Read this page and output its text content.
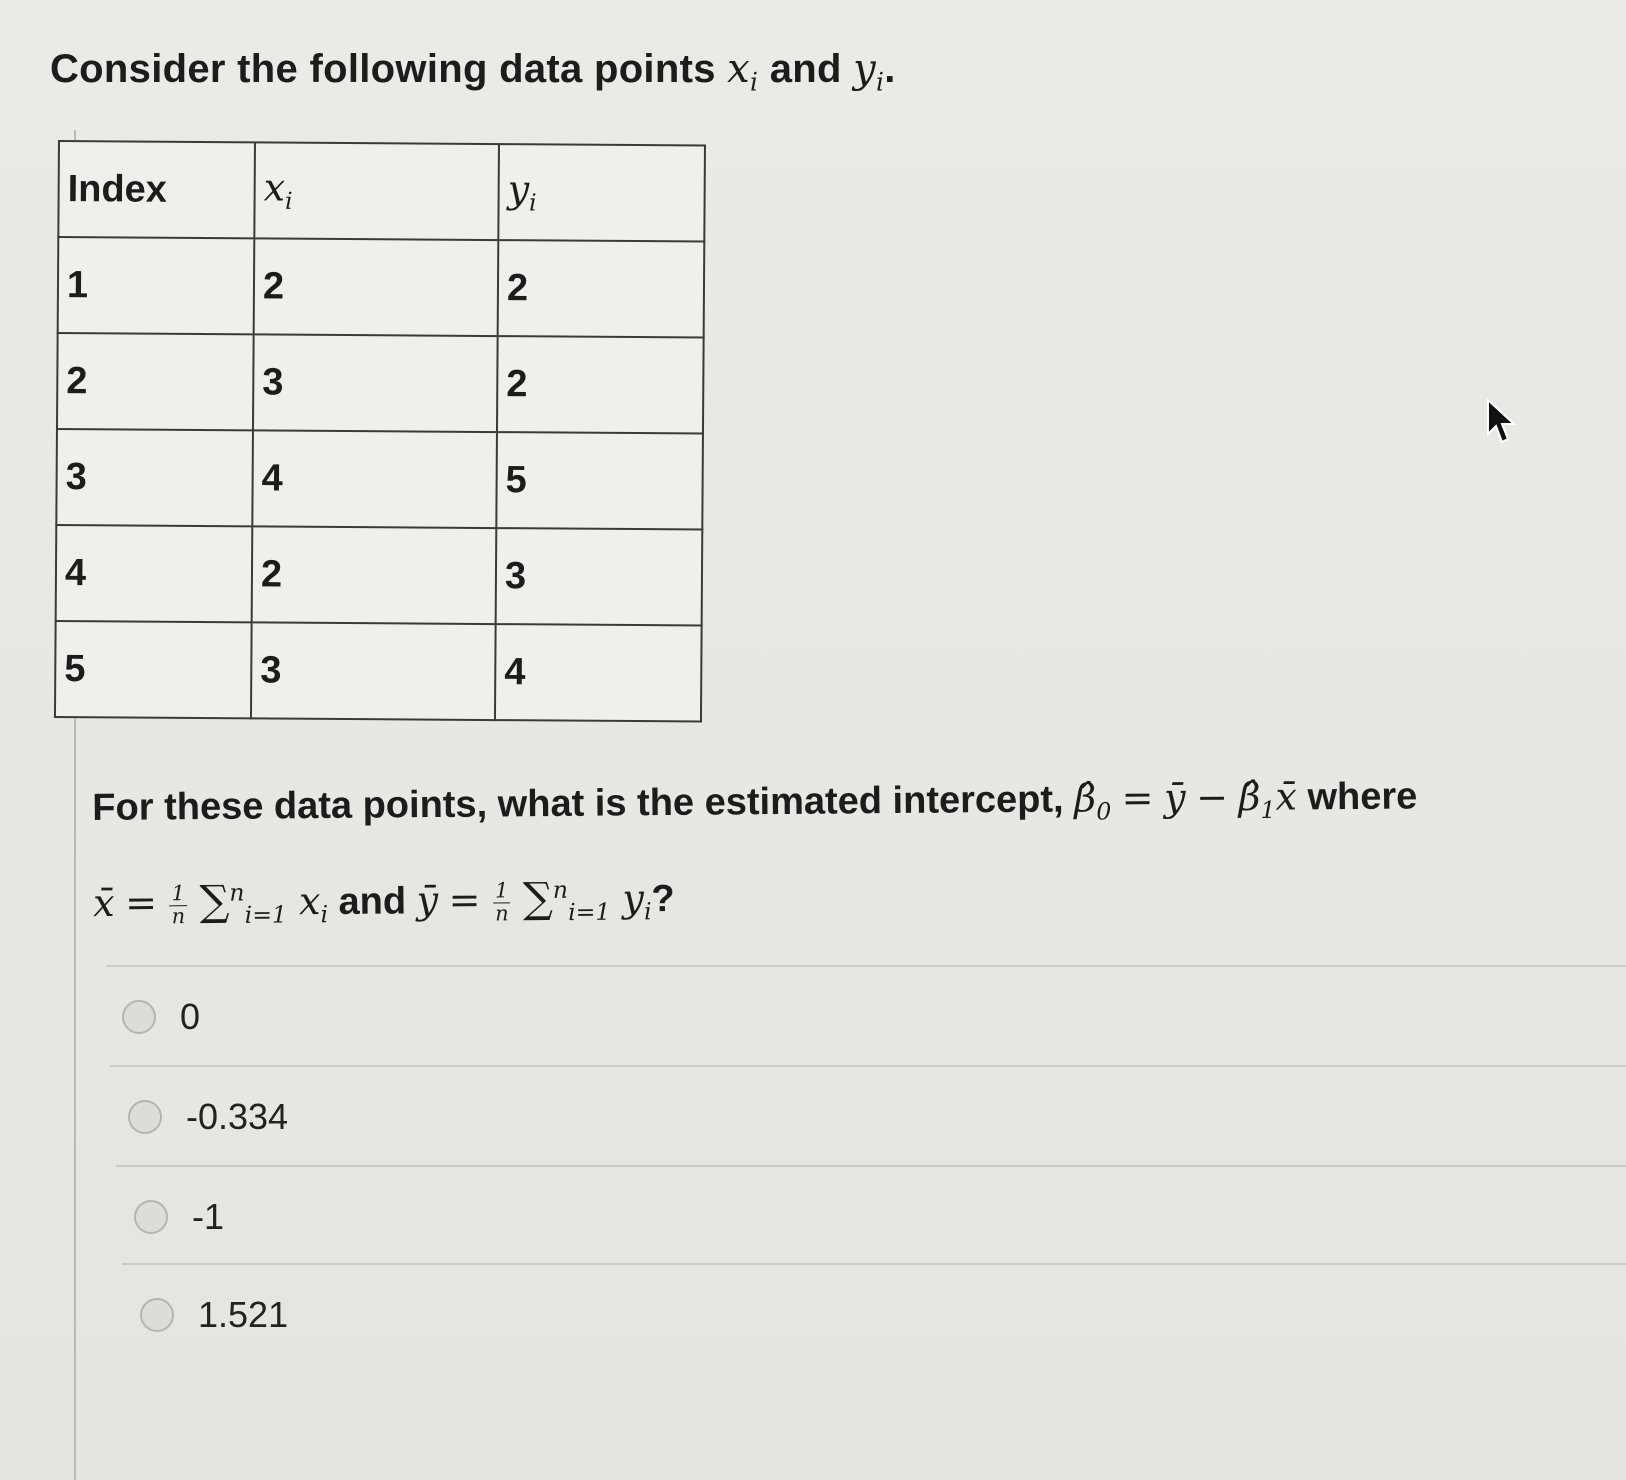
Consider the following data points $x_i$ and $y_i$.
Index	$x_i$	$y_i$
1	2	2
2	3	2
3	4	5
4	2	3
5	3	4
For these data points, what is the estimated intercept, $\betâ_0$ = ȳ − $\betâ_1x̄$ where
x̄ = $\frac{1}{n} \sum^n_{i=1}$ $x_i$ and ȳ = $\frac{1}{n} \sum^n_{i=1}$ $y_i$?
0
-0.334
-1
1.521
